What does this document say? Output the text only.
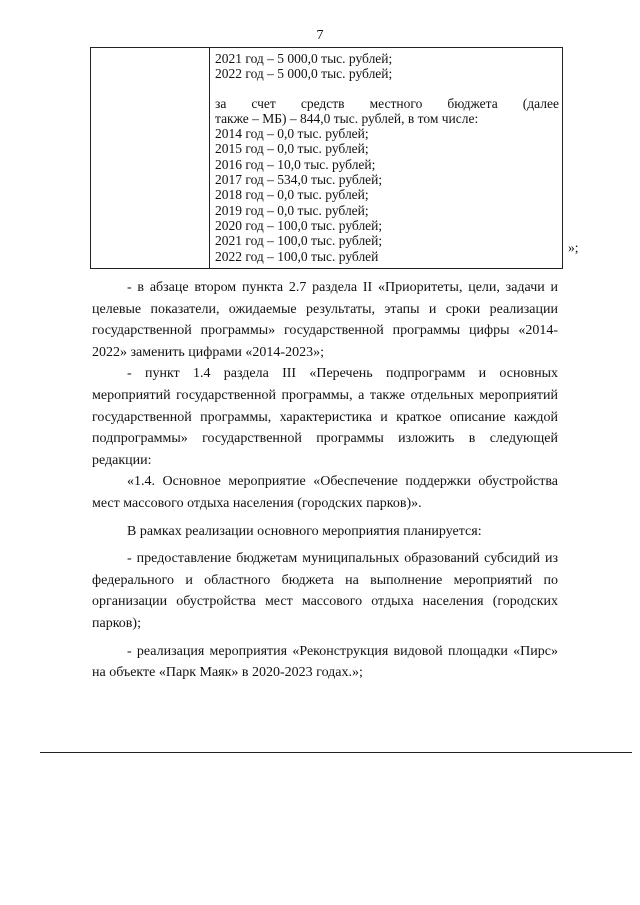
7
2021 год – 5 000,0 тыс. рублей;
2022 год – 5 000,0 тыс. рублей;
за счет средств местного бюджета (далее
также – МБ) – 844,0 тыс. рублей, в том числе:
2014 год – 0,0 тыс. рублей;
2015 год – 0,0 тыс. рублей;
2016 год – 10,0 тыс. рублей;
2017 год – 534,0 тыс. рублей;
2018 год – 0,0 тыс. рублей;
2019 год – 0,0 тыс. рублей;
2020 год – 100,0 тыс. рублей;
2021 год – 100,0 тыс. рублей;
2022 год – 100,0 тыс. рублей
»;

- в абзаце втором пункта 2.7 раздела II «Приоритеты, цели, задачи и целевые показатели, ожидаемые результаты, этапы и сроки реализации государственной программы» государственной программы цифры «2014-2022» заменить цифрами «2014-2023»;

- пункт 1.4 раздела III «Перечень подпрограмм и основных мероприятий государственной программы, а также отдельных мероприятий государственной программы, характеристика и краткое описание каждой подпрограммы» государственной программы изложить в следующей редакции:

«1.4. Основное мероприятие «Обеспечение поддержки обустройства мест массового отдыха населения (городских парков)».

В рамках реализации основного мероприятия планируется:

- предоставление бюджетам муниципальных образований субсидий из федерального и областного бюджета на выполнение мероприятий по организации обустройства мест массового отдыха населения (городских парков);

- реализация мероприятия «Реконструкция видовой площадки «Пирс» на объекте «Парк Маяк» в 2020-2023 годах.»;
